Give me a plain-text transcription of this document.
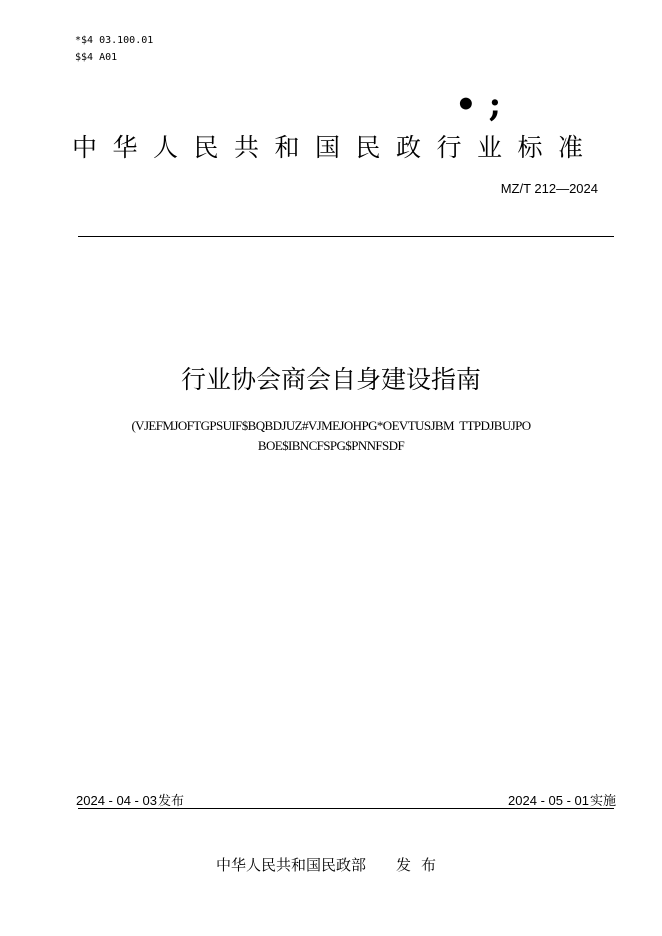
*$4 03.100.01
$$4 A01
• ;
中华人民共和国民政行业标准
MZ/T 212—2024
行业协会商会自身建设指南
(VJEFMJOFTGPSUIF$BQBDJUZ#VJMEJOHPG*OEVTUSJBM  TTPDJBUJPO
BOE$IBNCFSPG$PNNFSDF
2024 - 04 - 03发布	2024 - 05 - 01实施
中华人民共和国民政部 发布
